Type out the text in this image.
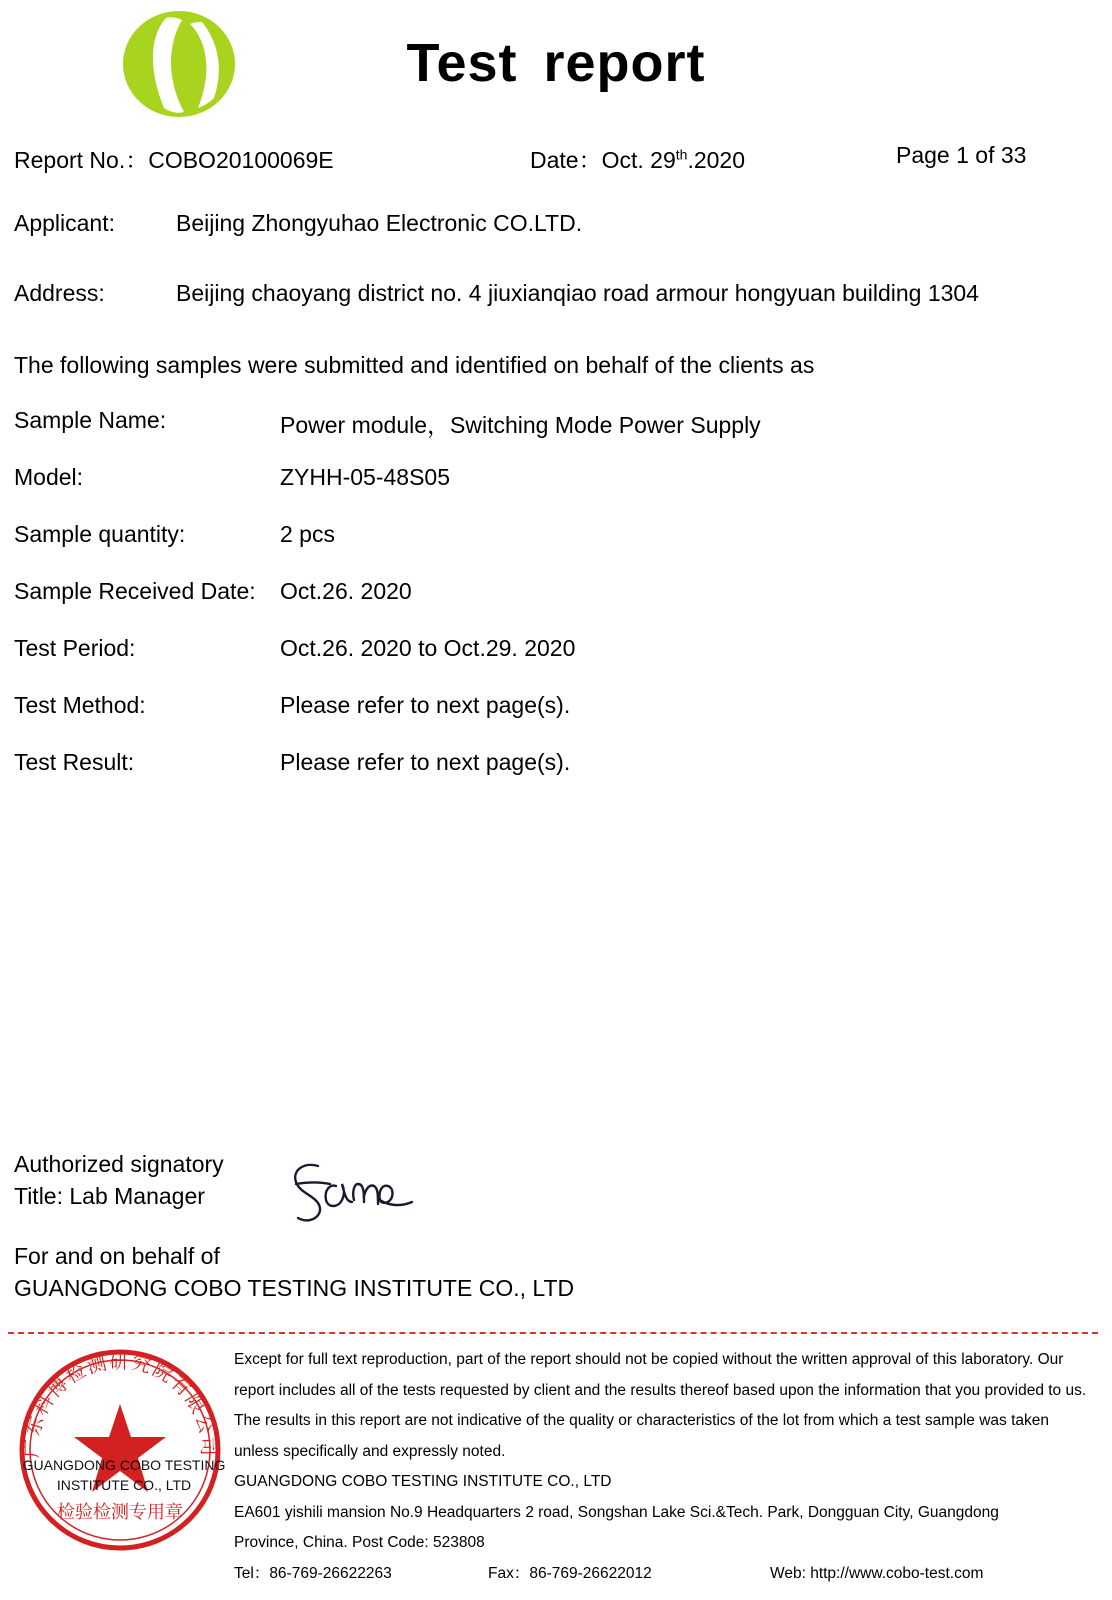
Test report
Report No.：COBO20100069E	Date：Oct. 29th.2020	Page 1 of 33
Applicant:	Beijing Zhongyuhao Electronic CO.LTD.
Address:	Beijing chaoyang district no. 4 jiuxianqiao road armour hongyuan building 1304
The following samples were submitted and identified on behalf of the clients as
Sample Name:	Power module，Switching Mode Power Supply
Model:	ZYHH-05-48S05
Sample quantity:	2 pcs
Sample Received Date: Oct.26. 2020
Test Period:	Oct.26. 2020 to Oct.29. 2020
Test Method:	Please refer to next page(s).
Test Result:	Please refer to next page(s).
Authorized signatory
Title: Lab Manager
For and on behalf of
GUANGDONG COBO TESTING INSTITUTE CO., LTD
广东科博检测研究院有限公司
检验检测专用章
GUANGDONG COBO TESTING
INSTITUTE CO., LTD

Except for full text reproduction, part of the report should not be copied without the written approval of this laboratory. Our

report includes all of the tests requested by client and the results thereof based upon the information that you provided to us.

The results in this report are not indicative of the quality or characteristics of the lot from which a test sample was taken

unless specifically and expressly noted.

GUANGDONG COBO TESTING INSTITUTE CO., LTD

EA601 yishili mansion No.9 Headquarters 2 road, Songshan Lake Sci.&Tech. Park, Dongguan City, Guangdong

Province, China. Post Code: 523808

Tel：86-769-26622263	Fax：86-769-26622012	Web: http://www.cobo-test.com
